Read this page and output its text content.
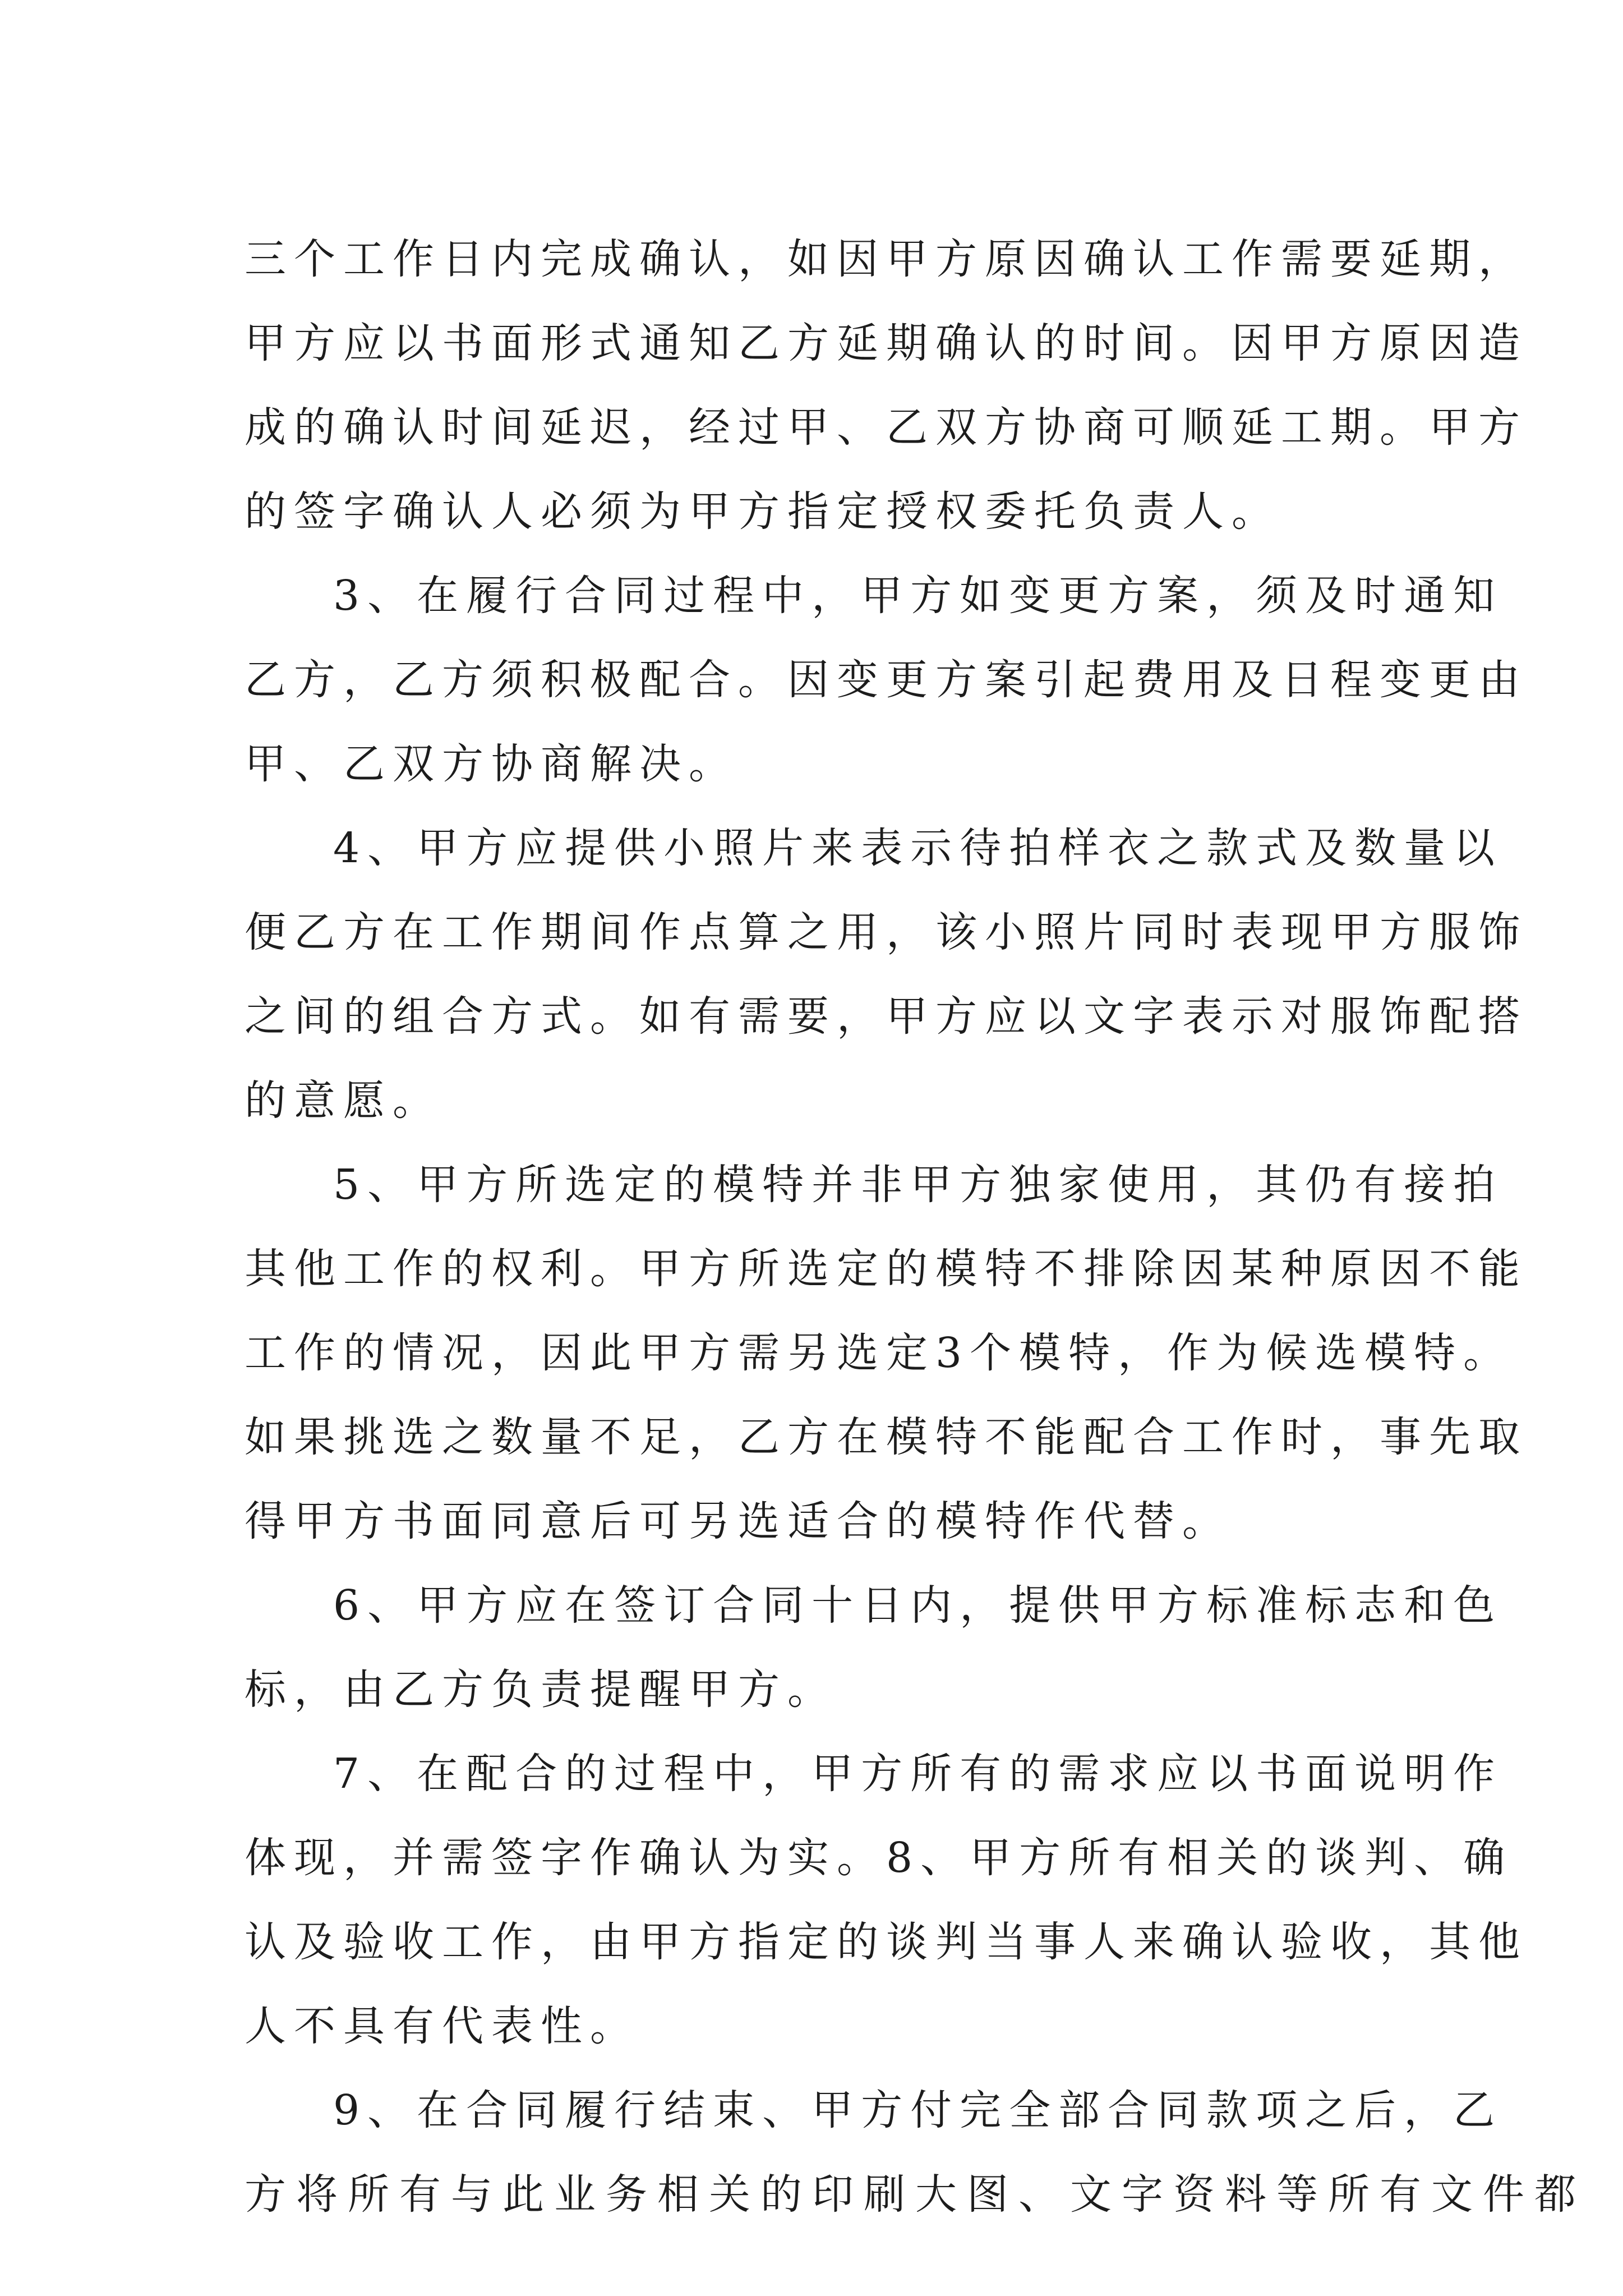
三个工作日内完成确认，如因甲方原因确认工作需要延期，

甲方应以书面形式通知乙方延期确认的时间。因甲方原因造

成的确认时间延迟，经过甲、乙双方协商可顺延工期。甲方

的签字确认人必须为甲方指定授权委托负责人。

3、在履行合同过程中，甲方如变更方案，须及时通知

乙方，乙方须积极配合。因变更方案引起费用及日程变更由

甲、乙双方协商解决。

4、甲方应提供小照片来表示待拍样衣之款式及数量以

便乙方在工作期间作点算之用，该小照片同时表现甲方服饰

之间的组合方式。如有需要，甲方应以文字表示对服饰配搭

的意愿。

5、甲方所选定的模特并非甲方独家使用，其仍有接拍

其他工作的权利。甲方所选定的模特不排除因某种原因不能

工作的情况，因此甲方需另选定3个模特，作为候选模特。

如果挑选之数量不足，乙方在模特不能配合工作时，事先取

得甲方书面同意后可另选适合的模特作代替。

6、甲方应在签订合同十日内，提供甲方标准标志和色

标，由乙方负责提醒甲方。

7、在配合的过程中，甲方所有的需求应以书面说明作

体现，并需签字作确认为实。8、甲方所有相关的谈判、确

认及验收工作，由甲方指定的谈判当事人来确认验收，其他

人不具有代表性。

9、在合同履行结束、甲方付完全部合同款项之后，乙

方将所有与此业务相关的印刷大图、文字资料等所有文件都
